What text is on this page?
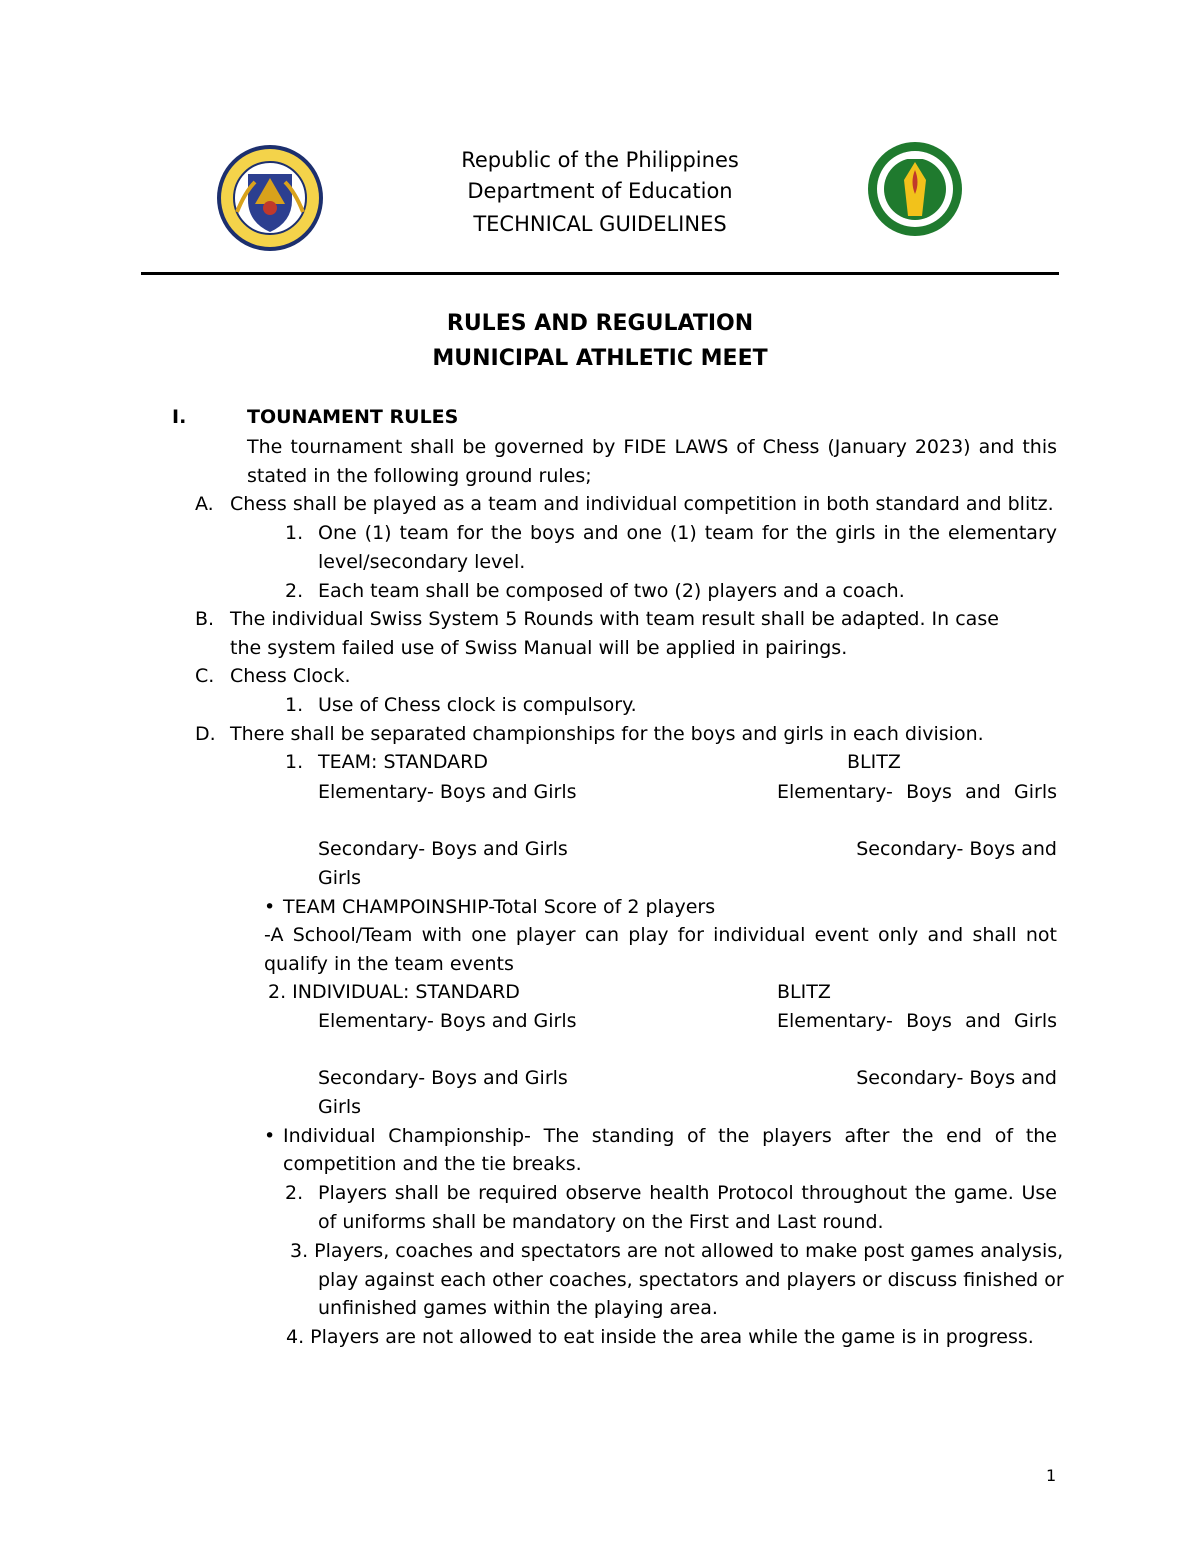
Republic of the Philippines
Department of Education
TECHNICAL GUIDELINES
RULES AND REGULATION
MUNICIPAL ATHLETIC MEET
I.	TOUNAMENT RULES
The tournament shall be governed by FIDE LAWS of Chess (January 2023) and this
stated in the following ground rules;
A. Chess shall be played as a team and individual competition in both standard and blitz.
1. One (1) team for the boys and one (1) team for the girls in the elementary
level/secondary level.
2. Each team shall be composed of two (2) players and a coach.
B. The individual Swiss System 5 Rounds with team result shall be adapted. In case
the system failed use of Swiss Manual will be applied in pairings.
C. Chess Clock.
1. Use of Chess clock is compulsory.
D. There shall be separated championships for the boys and girls in each division.
1. TEAM: STANDARD	BLITZ
Elementary- Boys and Girls	Elementary- Boys and Girls
Secondary- Boys and Girls	Secondary- Boys and
Girls
• TEAM CHAMPOINSHIP-Total Score of 2 players
-A School/Team with one player can play for individual event only and shall not
qualify in the team events
2. INDIVIDUAL: STANDARD	BLITZ
Elementary- Boys and Girls	Elementary- Boys and Girls
Secondary- Boys and Girls	Secondary- Boys and
Girls
• Individual Championship- The standing of the players after the end of the
competition and the tie breaks.
2. Players shall be required observe health Protocol throughout the game. Use
of uniforms shall be mandatory on the First and Last round.
3. Players, coaches and spectators are not allowed to make post games analysis,
play against each other coaches, spectators and players or discuss finished or
unfinished games within the playing area.
4. Players are not allowed to eat inside the area while the game is in progress.
1
